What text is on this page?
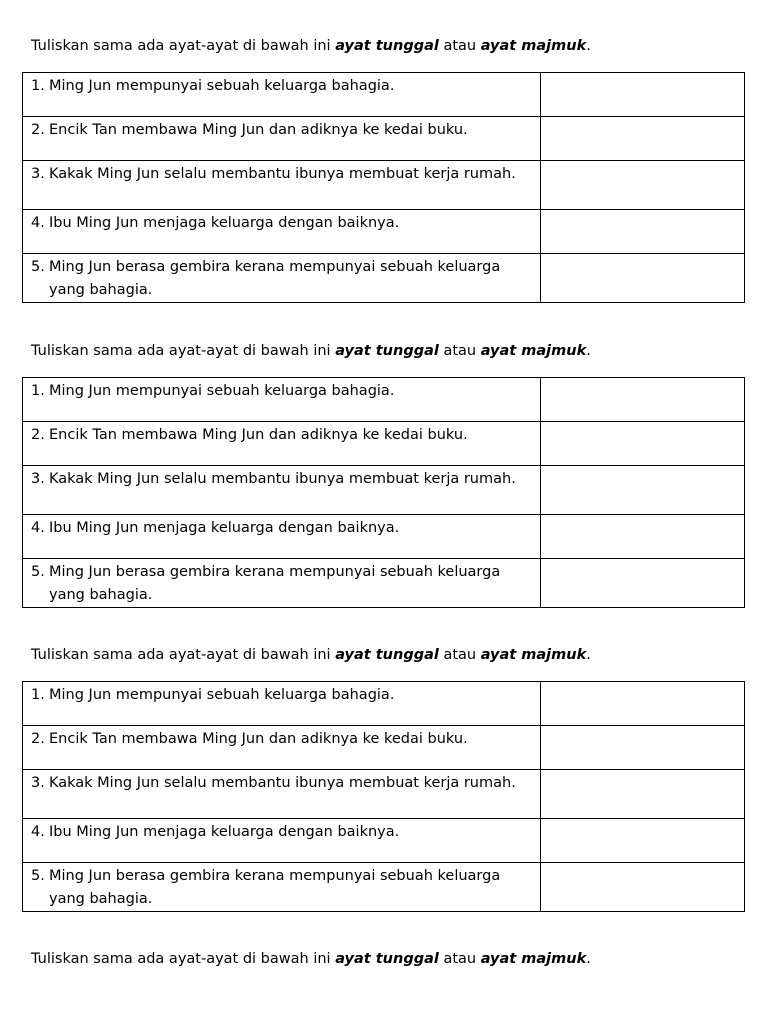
Tuliskan sama ada ayat-ayat di bawah ini ayat tunggal atau ayat majmuk.
1. Ming Jun mempunyai sebuah keluarga bahagia.	

2. Encik Tan membawa Ming Jun dan adiknya ke kedai buku.	

3. Kakak Ming Jun selalu membantu ibunya membuat kerja rumah.	

4. Ibu Ming Jun menjaga keluarga dengan baiknya.	

5. Ming Jun berasa gembira kerana mempunyai sebuah keluarga yang bahagia.	

Tuliskan sama ada ayat-ayat di bawah ini ayat tunggal atau ayat majmuk.
1. Ming Jun mempunyai sebuah keluarga bahagia.	

2. Encik Tan membawa Ming Jun dan adiknya ke kedai buku.	

3. Kakak Ming Jun selalu membantu ibunya membuat kerja rumah.	

4. Ibu Ming Jun menjaga keluarga dengan baiknya.	

5. Ming Jun berasa gembira kerana mempunyai sebuah keluarga yang bahagia.	

Tuliskan sama ada ayat-ayat di bawah ini ayat tunggal atau ayat majmuk.
1. Ming Jun mempunyai sebuah keluarga bahagia.	

2. Encik Tan membawa Ming Jun dan adiknya ke kedai buku.	

3. Kakak Ming Jun selalu membantu ibunya membuat kerja rumah.	

4. Ibu Ming Jun menjaga keluarga dengan baiknya.	

5. Ming Jun berasa gembira kerana mempunyai sebuah keluarga yang bahagia.	

Tuliskan sama ada ayat-ayat di bawah ini ayat tunggal atau ayat majmuk.
